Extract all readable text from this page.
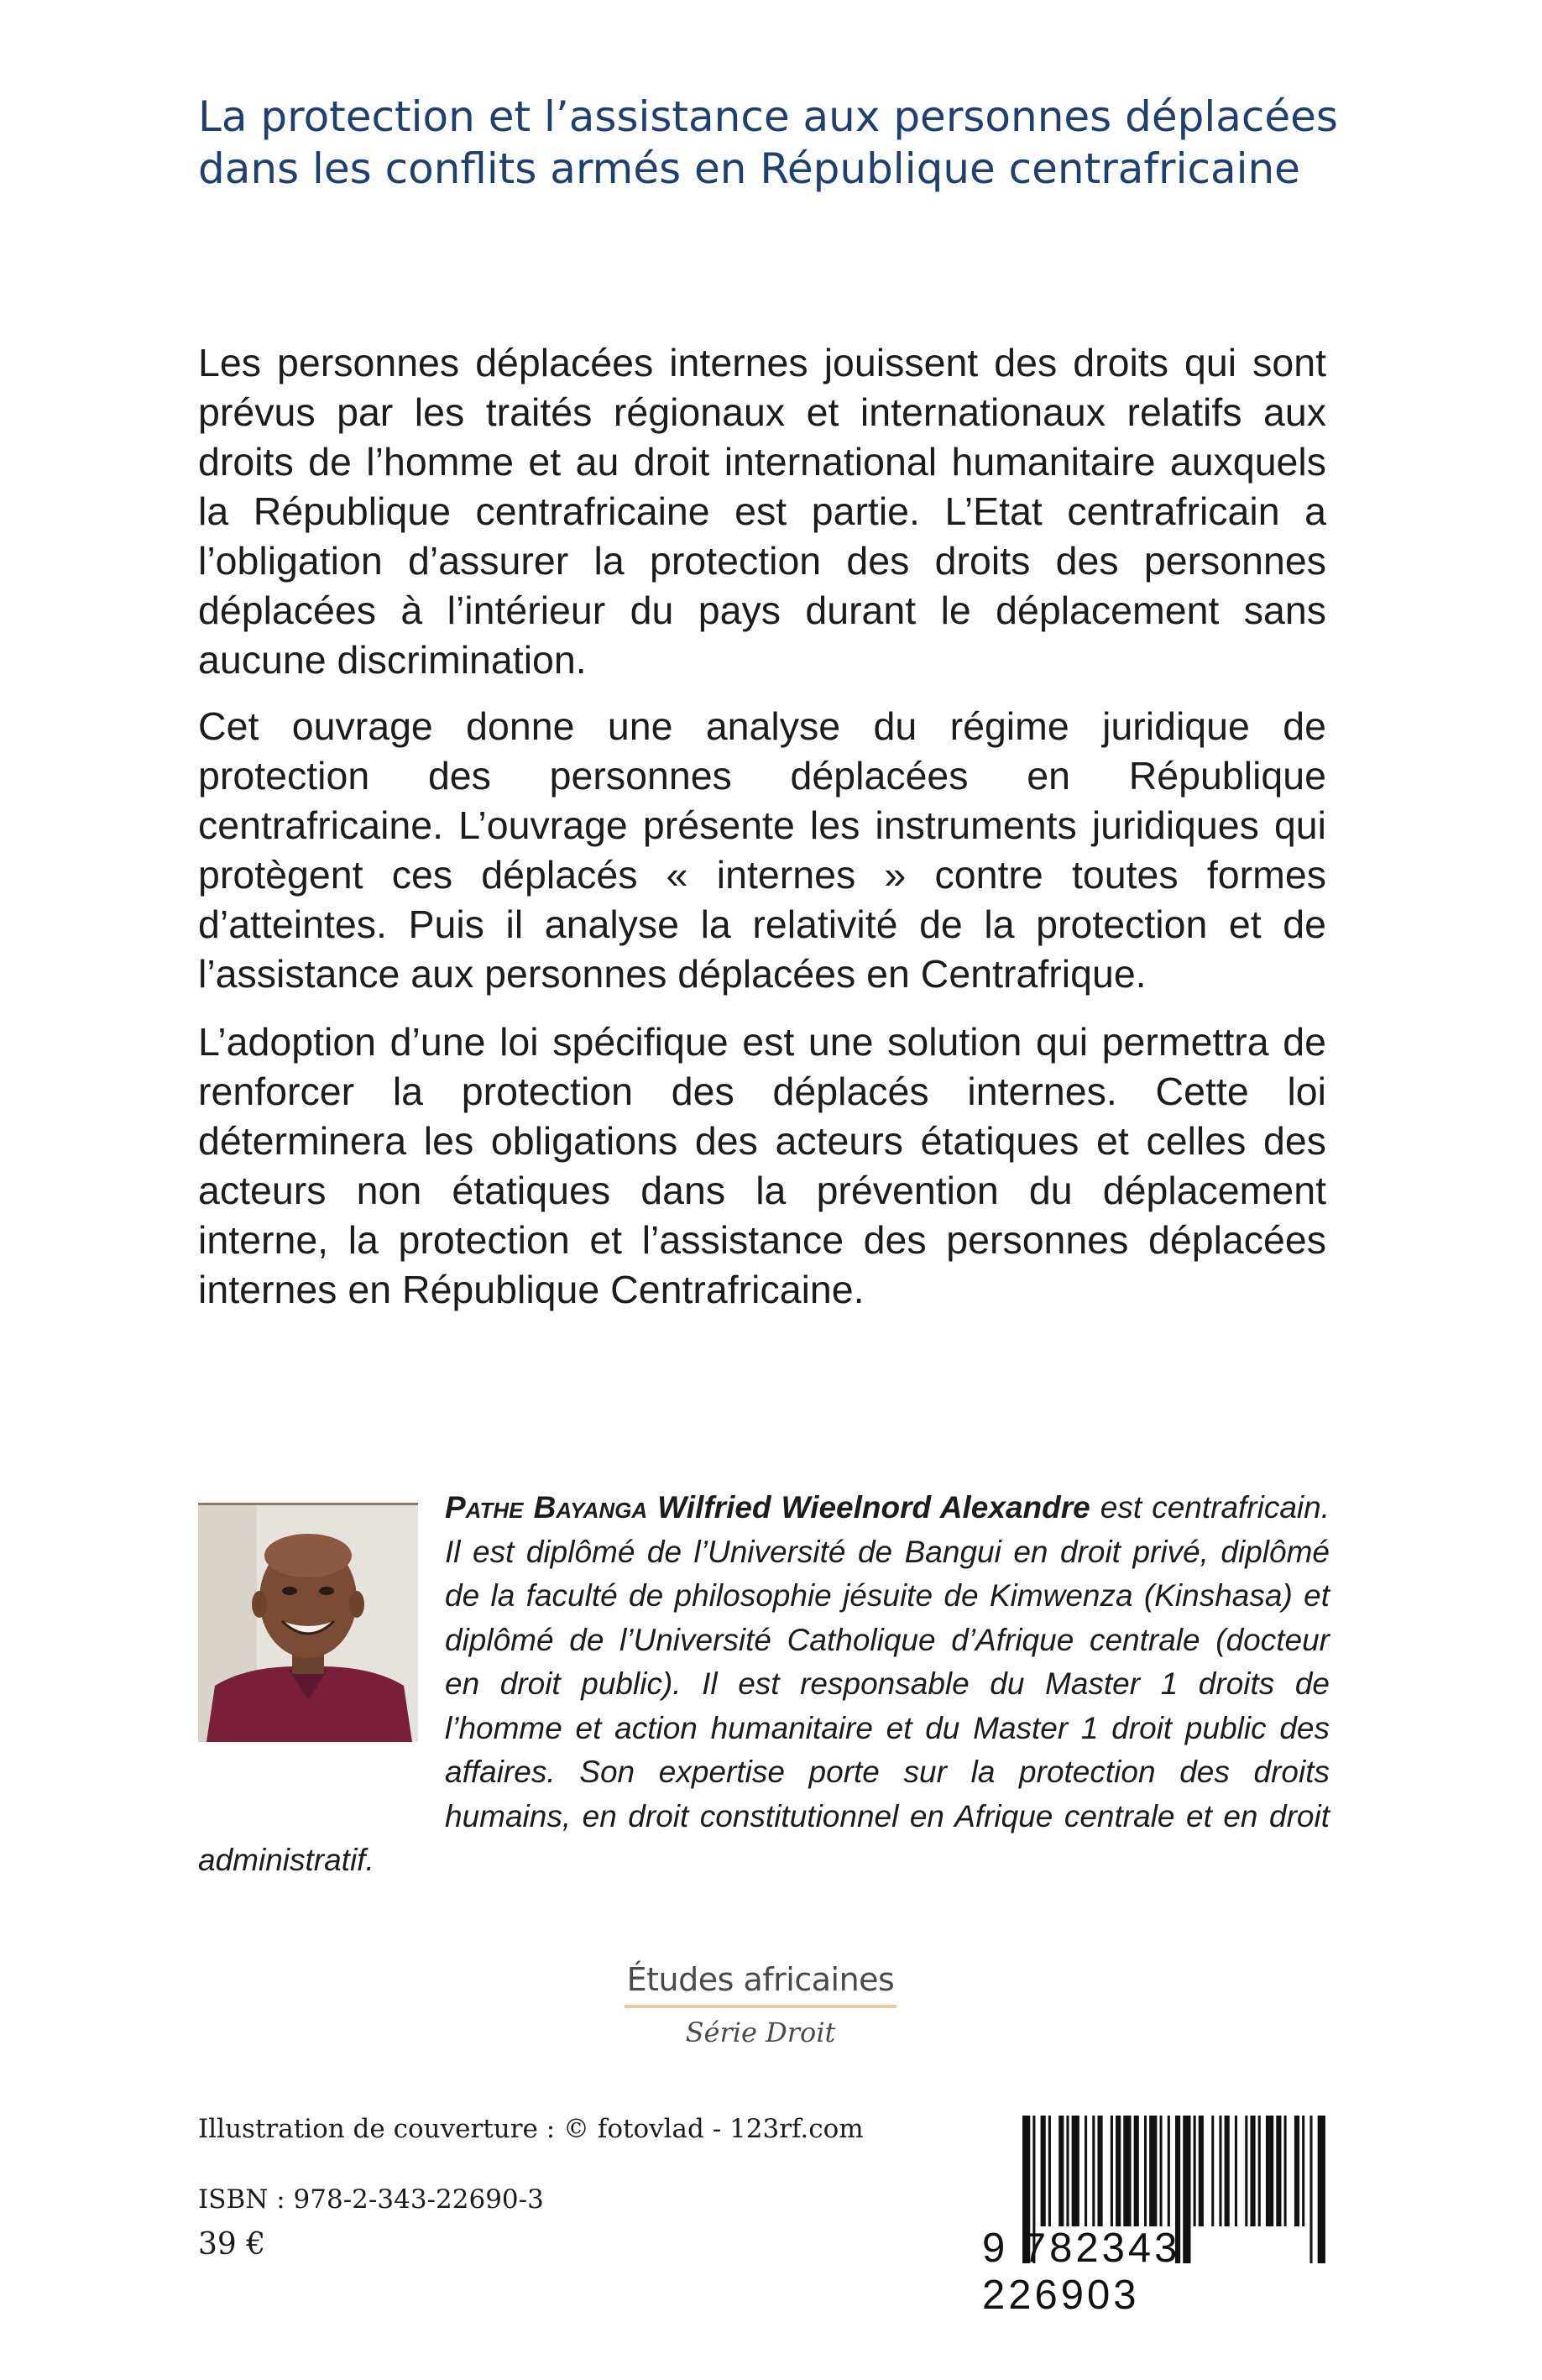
La protection et l’assistance aux personnes déplacées
dans les conflits armés en République centrafricaine
Les personnes déplacées internes jouissent des droits qui sont prévus par les traités régionaux et internationaux relatifs aux droits de l’homme et au droit international humanitaire auxquels la République centrafricaine est partie. L’Etat centrafricain a l’obligation d’assurer la protection des droits des personnes déplacées à l’intérieur du pays durant le déplacement sans aucune discrimination.
Cet ouvrage donne une analyse du régime juridique de protection des personnes déplacées en République centrafricaine. L’ouvrage présente les instruments juridiques qui protègent ces déplacés « internes » contre toutes formes d’atteintes. Puis il analyse la relativité de la protection et de l’assistance aux personnes déplacées en Centrafrique.
L’adoption d’une loi spécifique est une solution qui permettra de renforcer la protection des déplacés internes. Cette loi déterminera les obligations des acteurs étatiques et celles des acteurs non étatiques dans la prévention du déplacement interne, la protection et l’assistance des personnes déplacées internes en République Centrafricaine.
Pathe Bayanga Wilfried Wieelnord Alexandre est centrafricain. Il est diplômé de l’Université de Bangui en droit privé, diplômé de la faculté de philosophie jésuite de Kimwenza (Kinshasa) et diplômé de l’Université Catholique d’Afrique centrale (docteur en droit public). Il est responsable du Master 1 droits de l’homme et action humanitaire et du Master 1 droit public des affaires. Son expertise porte sur la protection des droits humains, en droit constitutionnel en Afrique centrale et en droit administratif.
Études africaines
Série Droit
Illustration de couverture : © fotovlad - 123rf.com
ISBN : 978-2-343-22690-3
39 €	9 782343 226903
